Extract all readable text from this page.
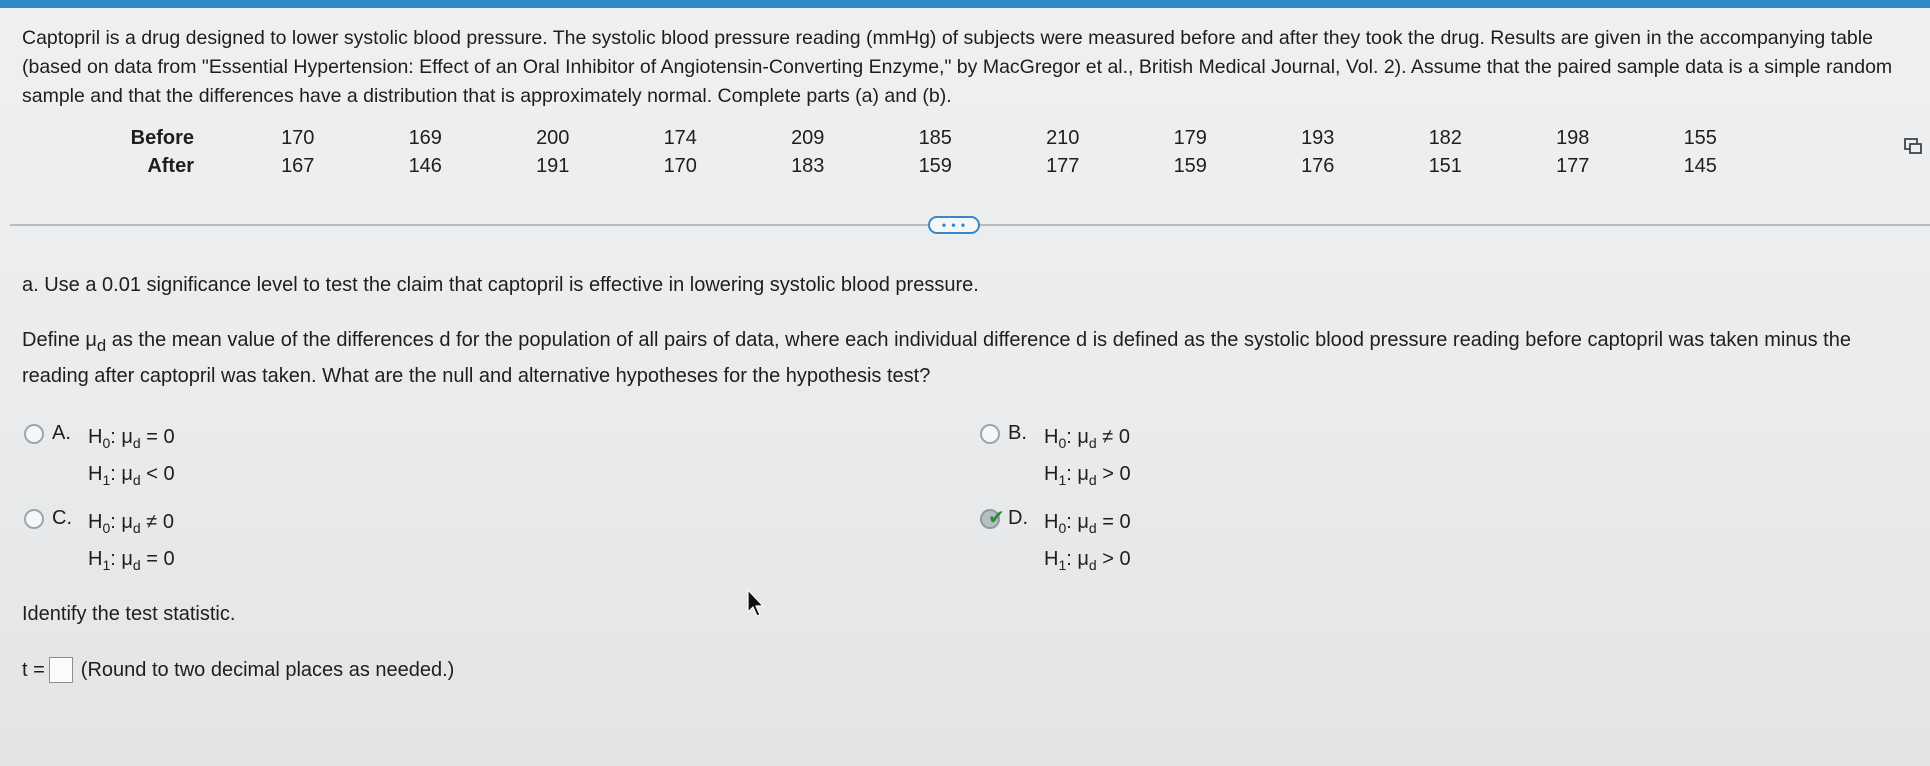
Captopril is a drug designed to lower systolic blood pressure. The systolic blood pressure reading (mmHg) of subjects were measured before and after they took the drug. Results are given in the accompanying table (based on data from "Essential Hypertension: Effect of an Oral Inhibitor of Angiotensin-Converting Enzyme," by MacGregor et al., British Medical Journal, Vol. 2). Assume that the paired sample data is a simple random sample and that the differences have a distribution that is approximately normal. Complete parts (a) and (b).

Before		170	169	200	174	209	185	210	179	193	182	198	155
After		167	146	191	170	183	159	177	159	176	151	177	145
• • •

a. Use a 0.01 significance level to test the claim that captopril is effective in lowering systolic blood pressure.

Define $\mu_d$ as the mean value of the differences d for the population of all pairs of data, where each individual difference d is defined as the systolic blood pressure reading before captopril was taken minus the reading after captopril was taken. What are the null and alternative hypotheses for the hypothesis test?

A. $H_0$: $\mu_d = 0$
$H_1$: $\mu_d < 0$
B. $H_0$: $\mu_d \ne 0$
$H_1$: $\mu_d > 0$
C. $H_0$: $\mu_d \ne 0$
$H_1$: $\mu_d = 0$
✔ D. $H_0$: $\mu_d = 0$
$H_1$: $\mu_d > 0$

Identify the test statistic.

t = (Round to two decimal places as needed.)
